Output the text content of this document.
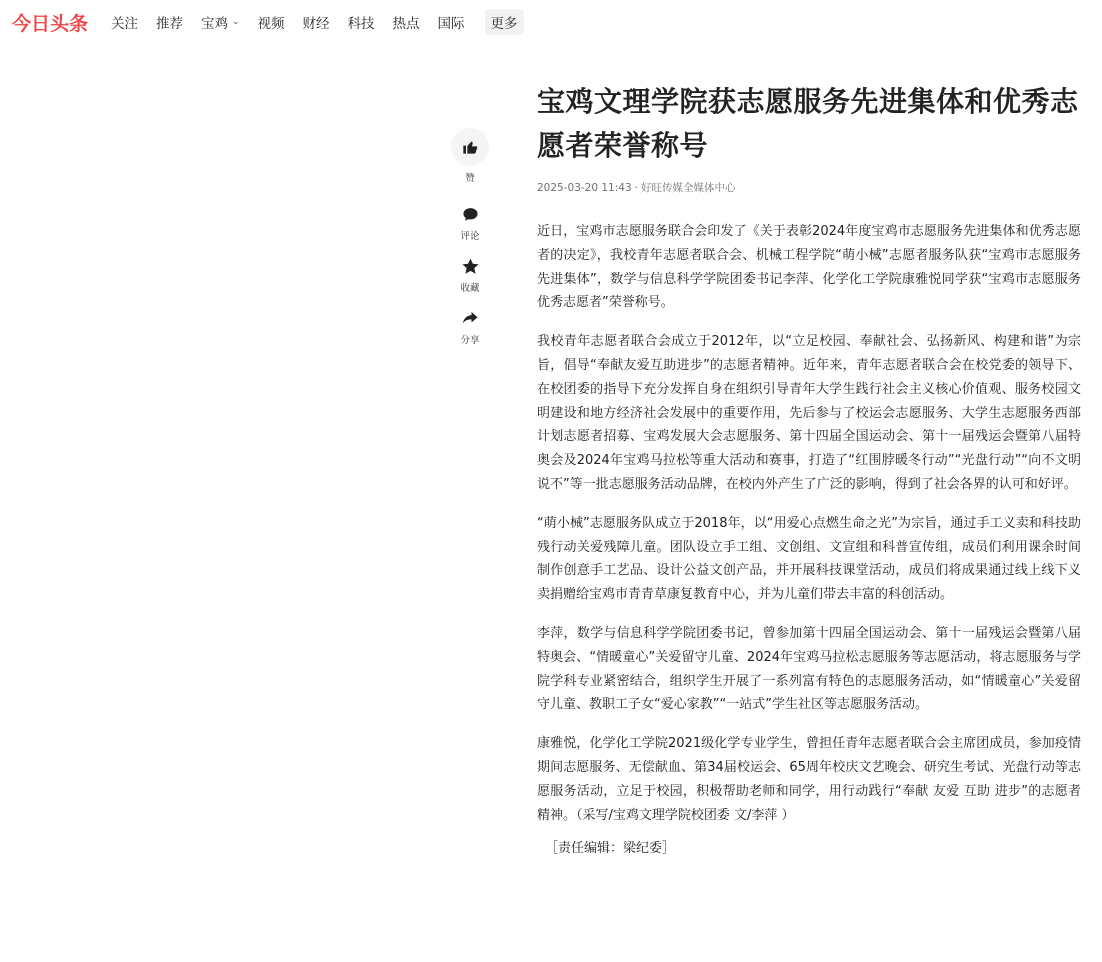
今日头条 关注 推荐 宝鸡 ⌄ 视频 财经 科技 热点 国际 更多
赞
评论
收藏
分享
宝鸡文理学院获志愿服务先进集体和优秀志愿者荣誉称号
2025-03-20 11:43 · 好旺传媒全媒体中心

近日，宝鸡市志愿服务联合会印发了《关于表彰2024年度宝鸡市志愿服务先进集体和优秀志愿者的决定》，我校青年志愿者联合会、机械工程学院“萌小械”志愿者服务队获“宝鸡市志愿服务先进集体”，数学与信息科学学院团委书记李萍、化学化工学院康雅悦同学获“宝鸡市志愿服务优秀志愿者”荣誉称号。

我校青年志愿者联合会成立于2012年，以“立足校园、奉献社会、弘扬新风、构建和谐”为宗旨，倡导“奉献友爱互助进步”的志愿者精神。近年来，青年志愿者联合会在校党委的领导下、在校团委的指导下充分发挥自身在组织引导青年大学生践行社会主义核心价值观、服务校园文明建设和地方经济社会发展中的重要作用，先后参与了校运会志愿服务、大学生志愿服务西部计划志愿者招募、宝鸡发展大会志愿服务、第十四届全国运动会、第十一届残运会暨第八届特奥会及2024年宝鸡马拉松等重大活动和赛事，打造了“红围脖暖冬行动”“光盘行动”“向不文明说不”等一批志愿服务活动品牌，在校内外产生了广泛的影响，得到了社会各界的认可和好评。

“萌小械”志愿服务队成立于2018年，以“用爱心点燃生命之光”为宗旨，通过手工义卖和科技助残行动关爱残障儿童。团队设立手工组、文创组、文宣组和科普宣传组，成员们利用课余时间制作创意手工艺品、设计公益文创产品，并开展科技课堂活动，成员们将成果通过线上线下义卖捐赠给宝鸡市青青草康复教育中心，并为儿童们带去丰富的科创活动。

李萍，数学与信息科学学院团委书记，曾参加第十四届全国运动会、第十一届残运会暨第八届特奥会、“情暖童心”关爱留守儿童、2024年宝鸡马拉松志愿服务等志愿活动，将志愿服务与学院学科专业紧密结合，组织学生开展了一系列富有特色的志愿服务活动，如“情暖童心”关爱留守儿童、教职工子女“爱心家教”“一站式”学生社区等志愿服务活动。

康雅悦，化学化工学院2021级化学专业学生，曾担任青年志愿者联合会主席团成员，参加疫情期间志愿服务、无偿献血、第34届校运会、65周年校庆文艺晚会、研究生考试、光盘行动等志愿服务活动，立足于校园，积极帮助老师和同学，用行动践行“奉献 友爱 互助 进步”的志愿者精神。（采写/宝鸡文理学院校团委 文/李萍 ）

［责任编辑：梁纪委］
